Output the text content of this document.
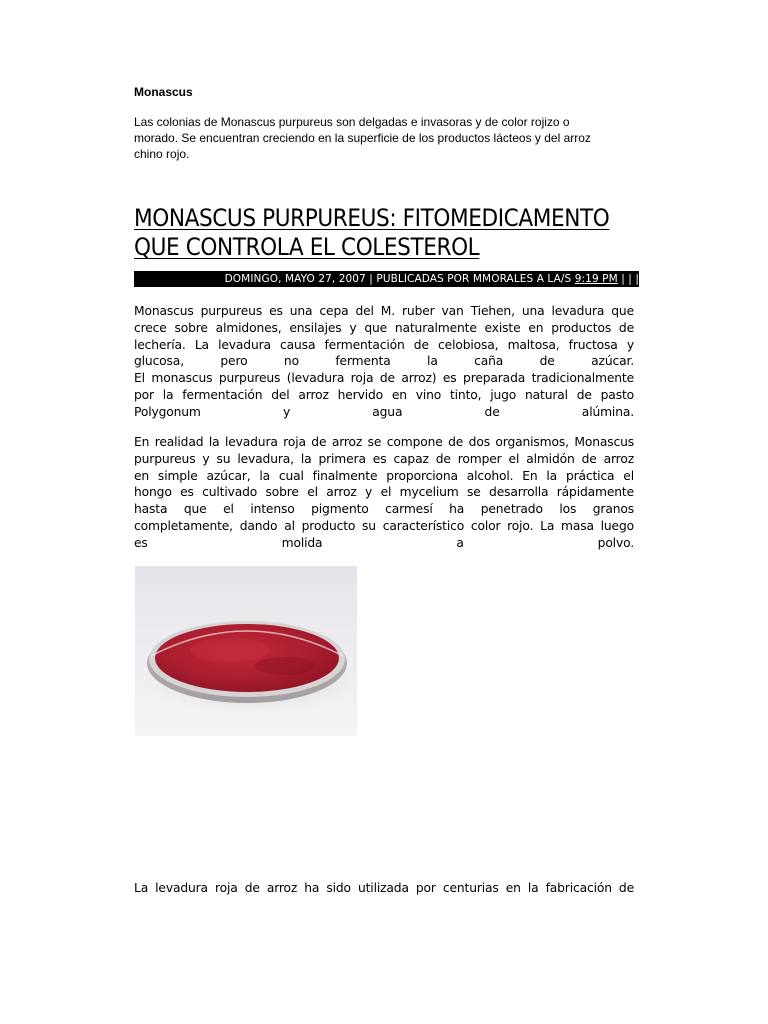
Monascus

Las colonias de Monascus purpureus son delgadas e invasoras y de color rojizo o
morado. Se encuentran creciendo en la superficie de los productos lácteos y del arroz
chino rojo.

MONASCUS PURPUREUS: FITOMEDICAMENTO
QUE CONTROLA EL COLESTEROL
DOMINGO, MAYO 27, 2007 | PUBLICADAS POR MMORALES A LA/S 9:19 PM | | |
Monascus purpureus es una cepa del M. ruber van Tiehen, una levadura que
crece sobre almidones, ensilajes y que naturalmente existe en productos de
lechería. La levadura causa fermentación de celobiosa, maltosa, fructosa y
glucosa, pero no fermenta la caña de azúcar.
El monascus purpureus (levadura roja de arroz) es preparada tradicionalmente
por la fermentación del arroz hervido en vino tinto, jugo natural de pasto
Polygonum y agua de alúmina.
En realidad la levadura roja de arroz se compone de dos organismos, Monascus
purpureus y su levadura, la primera es capaz de romper el almidón de arroz
en simple azúcar, la cual finalmente proporciona alcohol. En la práctica el
hongo es cultivado sobre el arroz y el mycelium se desarrolla rápidamente
hasta que el intenso pigmento carmesí ha penetrado los granos
completamente, dando al producto su característico color rojo. La masa luego
es molida a polvo.
La levadura roja de arroz ha sido utilizada por centurias en la fabricación de
